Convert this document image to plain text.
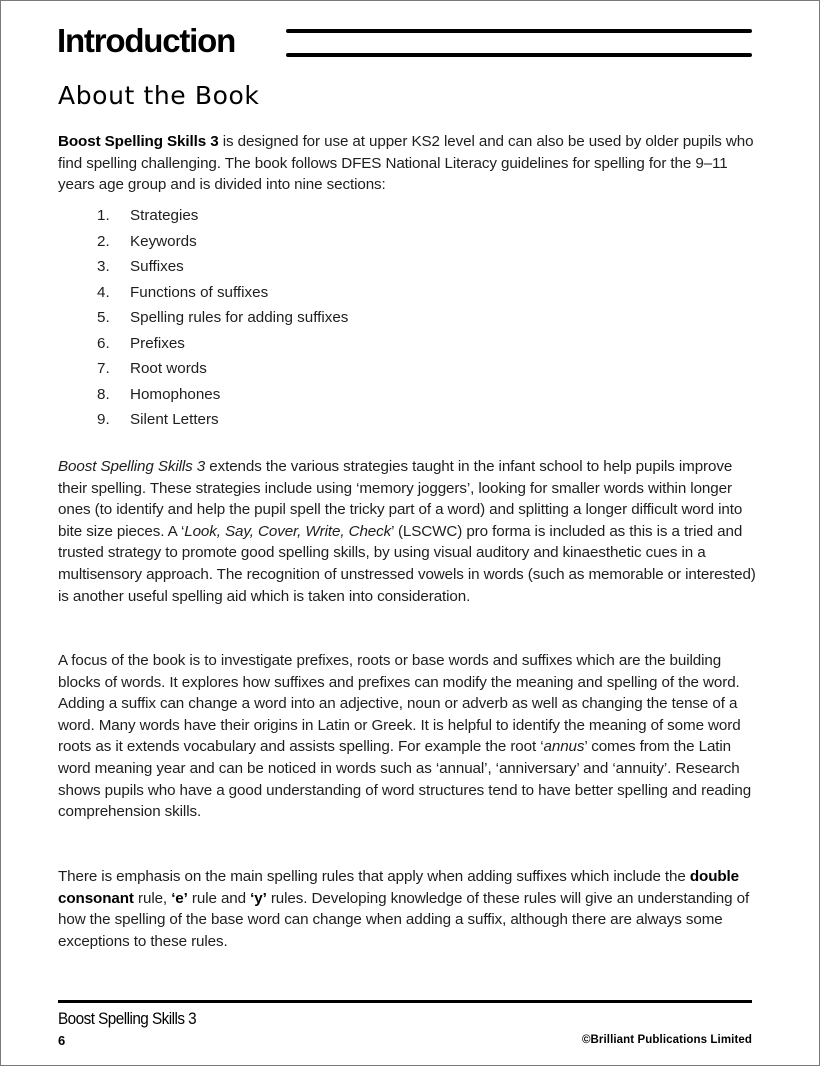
Introduction
About the Book
Boost Spelling Skills 3 is designed for use at upper KS2 level and can also be used by older pupils who find spelling challenging. The book follows DFES National Literacy guidelines for spelling for the 9–11 years age group and is divided into nine sections:
1.	Strategies
2.	Keywords
3.	Suffixes
4.	Functions of suffixes
5.	Spelling rules for adding suffixes
6.	Prefixes
7.	Root words
8.	Homophones
9.	Silent Letters
Boost Spelling Skills 3 extends the various strategies taught in the infant school to help pupils improve their spelling. These strategies include using ‘memory joggers’, looking for smaller words within longer ones (to identify and help the pupil spell the tricky part of a word) and splitting a longer difficult word into bite size pieces. A ‘Look, Say, Cover, Write, Check’ (LSCWC) pro forma is included as this is a tried and trusted strategy to promote good spelling skills, by using visual auditory and kinaesthetic cues in a multisensory approach. The recognition of unstressed vowels in words (such as memorable or interested) is another useful spelling aid which is taken into consideration.
A focus of the book is to investigate prefixes, roots or base words and suffixes which are the building blocks of words. It explores how suffixes and prefixes can modify the meaning and spelling of the word. Adding a suffix can change a word into an adjective, noun or adverb as well as changing the tense of a word. Many words have their origins in Latin or Greek. It is helpful to identify the meaning of some word roots as it extends vocabulary and assists spelling. For example the root ‘annus’ comes from the Latin word meaning year and can be noticed in words such as ‘annual’, ‘anniversary’ and ‘annuity’. Research shows pupils who have a good understanding of word structures tend to have better spelling and reading comprehension skills.
There is emphasis on the main spelling rules that apply when adding suffixes which include the double consonant rule, ‘e’ rule and ‘y’ rules. Developing knowledge of these rules will give an understanding of how the spelling of the base word can change when adding a suffix, although there are always some exceptions to these rules.
Boost Spelling Skills 3
6	©Brilliant Publications Limited
